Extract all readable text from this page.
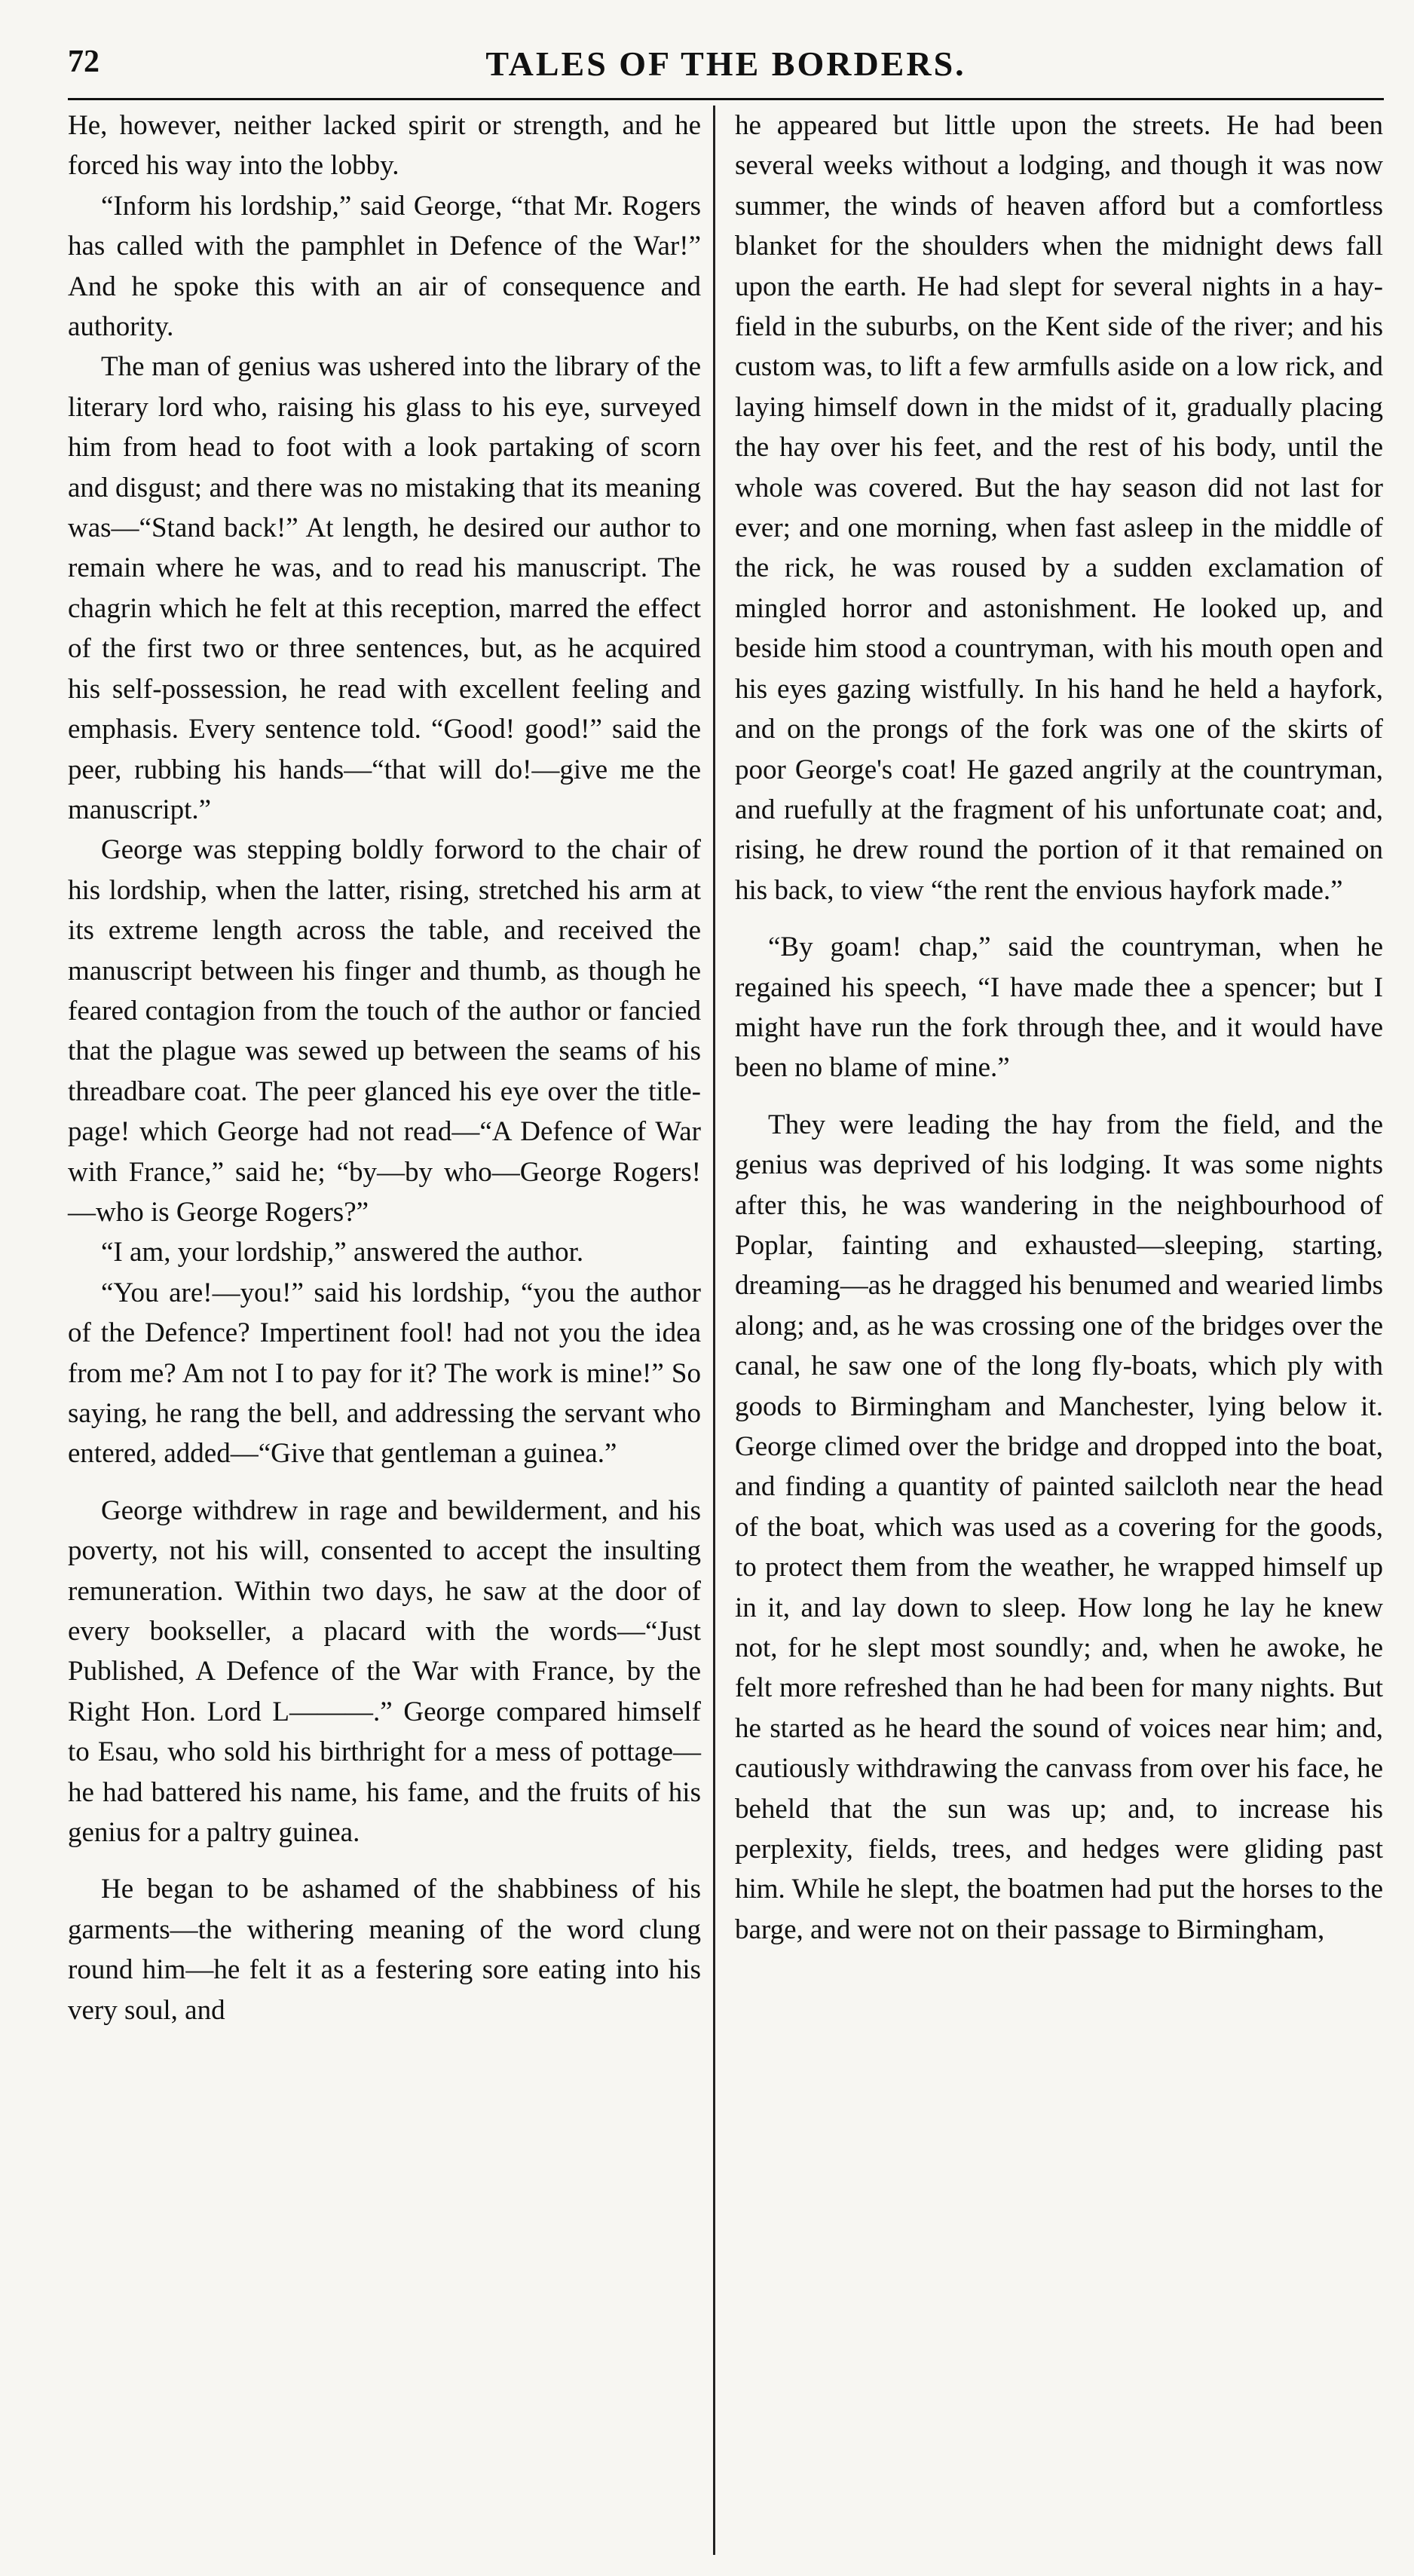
72	TALES OF THE BORDERS.

He, however, neither lacked spirit or strength, and he forced his way into the lobby.

“Inform his lordship,” said George, “that Mr. Rogers has called with the pamphlet in Defence of the War!” And he spoke this with an air of consequence and authority.

The man of genius was ushered into the library of the literary lord who, raising his glass to his eye, surveyed him from head to foot with a look partaking of scorn and disgust; and there was no mistaking that its meaning was—“Stand back!” At length, he desired our author to remain where he was, and to read his manuscript. The chagrin which he felt at this reception, marred the effect of the first two or three sentences, but, as he acquired his self-possession, he read with excellent feeling and emphasis. Every sentence told. “Good! good!” said the peer, rubbing his hands—“that will do!—give me the manuscript.”

George was stepping boldly forword to the chair of his lordship, when the latter, rising, stretched his arm at its extreme length across the table, and received the manuscript between his finger and thumb, as though he feared contagion from the touch of the author or fancied that the plague was sewed up between the seams of his threadbare coat. The peer glanced his eye over the title-page! which George had not read—“A Defence of War with France,” said he; “by—by who—George Rogers!—who is George Rogers?”

“I am, your lordship,” answered the author.

“You are!—you!” said his lordship, “you the author of the Defence? Impertinent fool! had not you the idea from me? Am not I to pay for it? The work is mine!” So saying, he rang the bell, and addressing the servant who entered, added—“Give that gentleman a guinea.”

George withdrew in rage and bewilderment, and his poverty, not his will, consented to accept the insulting remuneration. Within two days, he saw at the door of every bookseller, a placard with the words—“Just Published, A Defence of the War with France, by the Right Hon. Lord L———.” George compared himself to Esau, who sold his birthright for a mess of pottage—he had battered his name, his fame, and the fruits of his genius for a paltry guinea.

He began to be ashamed of the shabbiness of his garments—the withering meaning of the word clung round him—he felt it as a festering sore eating into his very soul, and

he appeared but little upon the streets. He had been several weeks without a lodging, and though it was now summer, the winds of heaven afford but a comfortless blanket for the shoulders when the midnight dews fall upon the earth. He had slept for several nights in a hay-field in the suburbs, on the Kent side of the river; and his custom was, to lift a few armfulls aside on a low rick, and laying himself down in the midst of it, gradually placing the hay over his feet, and the rest of his body, until the whole was covered. But the hay season did not last for ever; and one morning, when fast asleep in the middle of the rick, he was roused by a sudden exclamation of mingled horror and astonishment. He looked up, and beside him stood a countryman, with his mouth open and his eyes gazing wistfully. In his hand he held a hayfork, and on the prongs of the fork was one of the skirts of poor George's coat! He gazed angrily at the countryman, and ruefully at the fragment of his unfortunate coat; and, rising, he drew round the portion of it that remained on his back, to view “the rent the envious hayfork made.”

“By goam! chap,” said the countryman, when he regained his speech, “I have made thee a spencer; but I might have run the fork through thee, and it would have been no blame of mine.”

They were leading the hay from the field, and the genius was deprived of his lodging. It was some nights after this, he was wandering in the neighbourhood of Poplar, fainting and exhausted—sleeping, starting, dreaming—as he dragged his benumed and wearied limbs along; and, as he was crossing one of the bridges over the canal, he saw one of the long fly-boats, which ply with goods to Birmingham and Manchester, lying below it. George climed over the bridge and dropped into the boat, and finding a quantity of painted sailcloth near the head of the boat, which was used as a covering for the goods, to protect them from the weather, he wrapped himself up in it, and lay down to sleep. How long he lay he knew not, for he slept most soundly; and, when he awoke, he felt more refreshed than he had been for many nights. But he started as he heard the sound of voices near him; and, cautiously withdrawing the canvass from over his face, he beheld that the sun was up; and, to increase his perplexity, fields, trees, and hedges were gliding past him. While he slept, the boatmen had put the horses to the barge, and were not on their passage to Birmingham,
